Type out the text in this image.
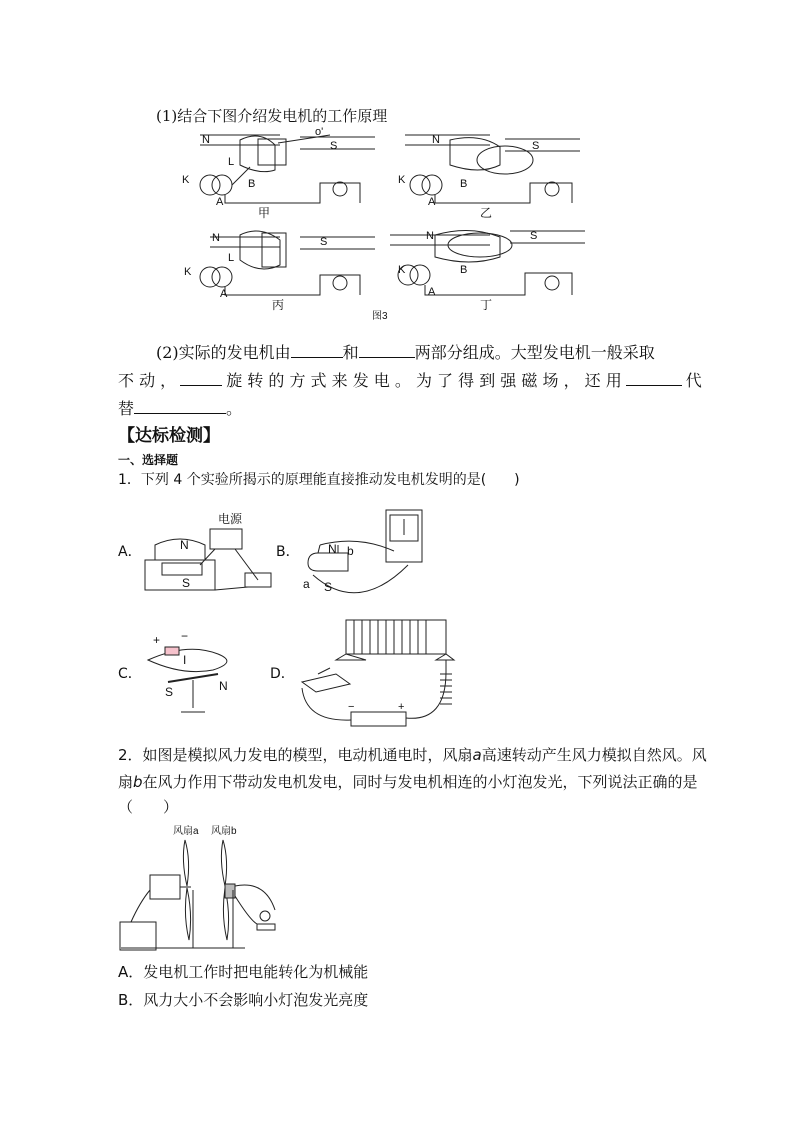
(1)结合下图介绍发电机的工作原理
N	S
L
K
A
B
o'
N	S
K
A
B
N	S
L
K
A
N	S
K
A
B
甲	乙
丙	丁
图3
(2)实际的发电机由	和	两部分组成。大型发电机一般采取
不 动 ，	旋 转 的 方 式 来 发 电 。 为 了 得 到 强 磁 场 ， 还 用	代
替	。
【达标检测】
一、选择题
1．下列 4 个实验所揭示的原理能直接推动发电机发明的是(　　)
A．	B．
C．	D．
电源
N
S
N b
a S
+ −
I
S	N
−	+
2．如图是模拟风力发电的模型，电动机通电时，风扇a高速转动产生风力模拟自然风。风
扇b在风力作用下带动发电机发电，同时与发电机相连的小灯泡发光，下列说法正确的是
（　　）
风扇a 风扇b
A．发电机工作时把电能转化为机械能
B．风力大小不会影响小灯泡发光亮度
